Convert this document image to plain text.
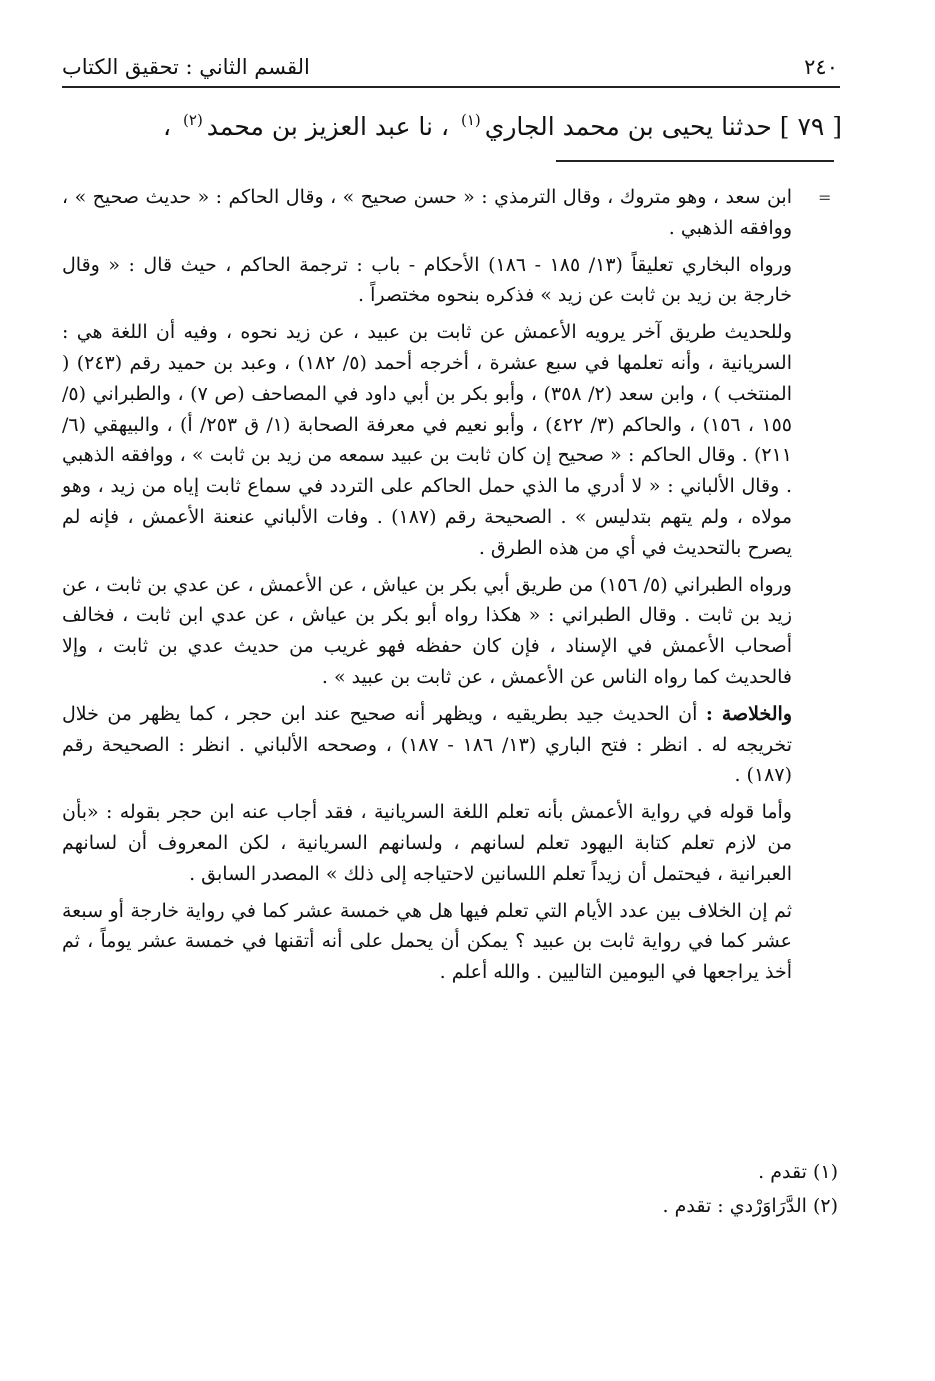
٢٤٠
القسم الثاني : تحقيق الكتاب
[ ٧٩ ] حدثنا يحيى بن محمد الجاري$^{(١)}$ ، نا عبد العزيز بن محمد$^{(٢)}$ ،
=

ابن سعد ، وهو متروك ، وقال الترمذي : « حسن صحيح » ، وقال الحاكم : « حديث صحيح » ، ووافقه الذهبي .

ورواه البخاري تعليقاً (١٣/ ١٨٥ - ١٨٦) الأحكام - باب : ترجمة الحاكم ، حيث قال : « وقال خارجة بن زيد بن ثابت عن زيد » فذكره بنحوه مختصراً .

وللحديث طريق آخر يرويه الأعمش عن ثابت بن عبيد ، عن زيد نحوه ، وفيه أن اللغة هي : السريانية ، وأنه تعلمها في سبع عشرة ، أخرجه أحمد (٥/ ١٨٢) ، وعبد بن حميد رقم (٢٤٣) ( المنتخب ) ، وابن سعد (٢/ ٣٥٨) ، وأبو بكر بن أبي داود في المصاحف (ص ٧) ، والطبراني (٥/ ١٥٥ ، ١٥٦) ، والحاكم (٣/ ٤٢٢) ، وأبو نعيم في معرفة الصحابة (١/ ق ٢٥٣/ أ) ، والبيهقي (٦/ ٢١١) . وقال الحاكم : « صحيح إن كان ثابت بن عبيد سمعه من زيد بن ثابت » ، ووافقه الذهبي . وقال الألباني : « لا أدري ما الذي حمل الحاكم على التردد في سماع ثابت إياه من زيد ، وهو مولاه ، ولم يتهم بتدليس » . الصحيحة رقم (١٨٧) . وفات الألباني عنعنة الأعمش ، فإنه لم يصرح بالتحديث في أي من هذه الطرق .

ورواه الطبراني (٥/ ١٥٦) من طريق أبي بكر بن عياش ، عن الأعمش ، عن عدي بن ثابت ، عن زيد بن ثابت . وقال الطبراني : « هكذا رواه أبو بكر بن عياش ، عن عدي ابن ثابت ، فخالف أصحاب الأعمش في الإسناد ، فإن كان حفظه فهو غريب من حديث عدي بن ثابت ، وإلا فالحديث كما رواه الناس عن الأعمش ، عن ثابت بن عبيد » .

والخلاصة : أن الحديث جيد بطريقيه ، ويظهر أنه صحيح عند ابن حجر ، كما يظهر من خلال تخريجه له . انظر : فتح الباري (١٣/ ١٨٦ - ١٨٧) ، وصححه الألباني . انظر : الصحيحة رقم (١٨٧) .

وأما قوله في رواية الأعمش بأنه تعلم اللغة السريانية ، فقد أجاب عنه ابن حجر بقوله : «بأن من لازم تعلم كتابة اليهود تعلم لسانهم ، ولسانهم السريانية ، لكن المعروف أن لسانهم العبرانية ، فيحتمل أن زيداً تعلم اللسانين لاحتياجه إلى ذلك » المصدر السابق .

ثم إن الخلاف بين عدد الأيام التي تعلم فيها هل هي خمسة عشر كما في رواية خارجة أو سبعة عشر كما في رواية ثابت بن عبيد ؟ يمكن أن يحمل على أنه أتقنها في خمسة عشر يوماً ، ثم أخذ يراجعها في اليومين التاليين . والله أعلم .

(١) تقدم .

(٢) الدَّرَاوَرْدي : تقدم .
